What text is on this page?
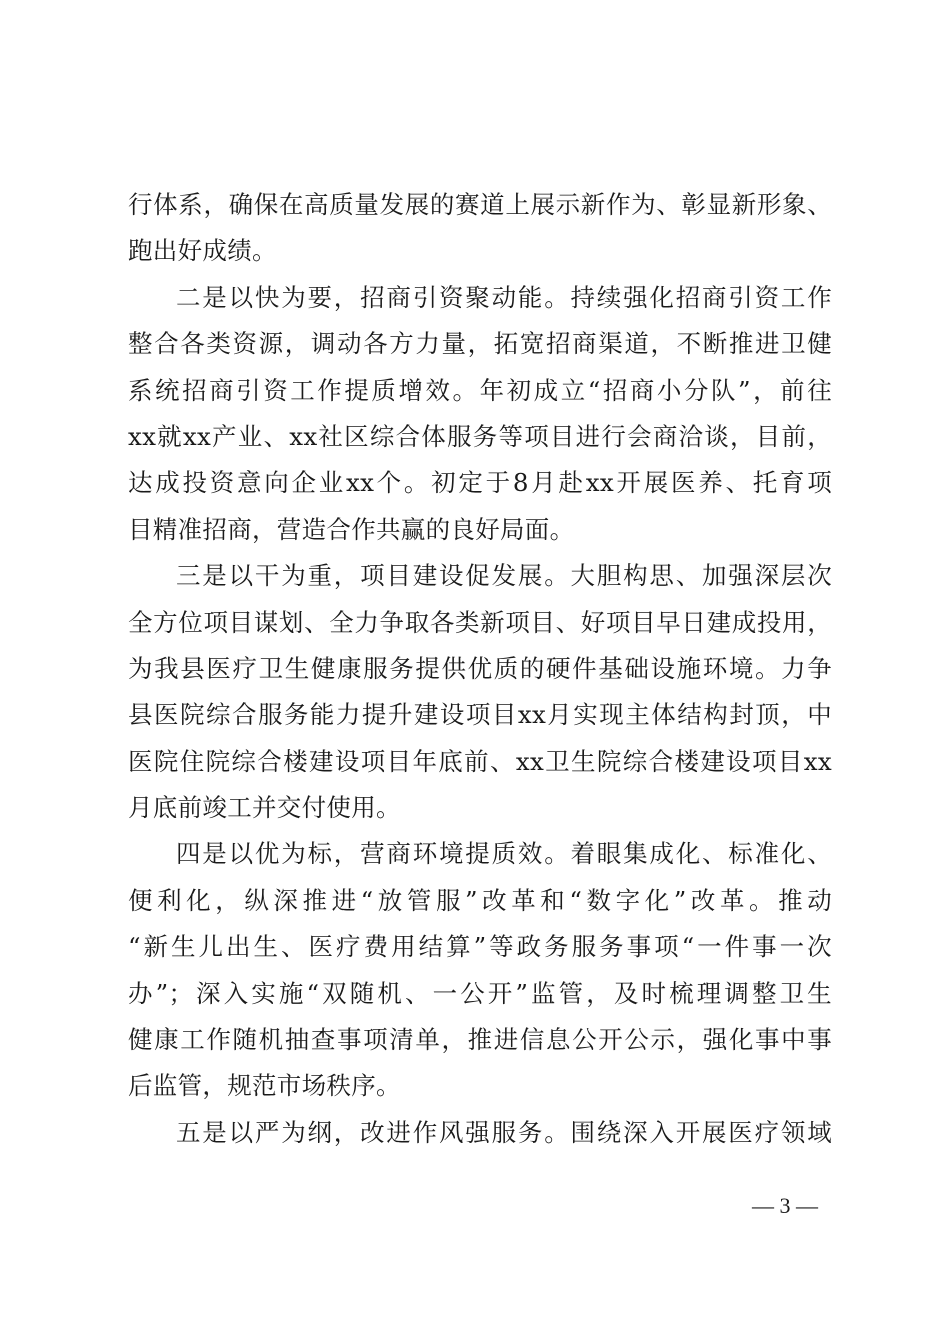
行体系，确保在高质量发展的赛道上展示新作为、彰显新形象、
跑出好成绩。
二是以快为要，招商引资聚动能。持续强化招商引资工作
整合各类资源，调动各方力量，拓宽招商渠道，不断推进卫健
系统招商引资工作提质增效。年初成立“招商小分队”，前往
xx就xx产业、xx社区综合体服务等项目进行会商洽谈，目前，
达成投资意向企业xx个。初定于8月赴xx开展医养、托育项
目精准招商，营造合作共赢的良好局面。
三是以干为重，项目建设促发展。大胆构思、加强深层次
全方位项目谋划、全力争取各类新项目、好项目早日建成投用，
为我县医疗卫生健康服务提供优质的硬件基础设施环境。力争
县医院综合服务能力提升建设项目xx月实现主体结构封顶，中
医院住院综合楼建设项目年底前、xx卫生院综合楼建设项目xx
月底前竣工并交付使用。
四是以优为标，营商环境提质效。着眼集成化、标准化、
便利化，纵深推进“放管服”改革和“数字化”改革。推动
“新生儿出生、医疗费用结算”等政务服务事项“一件事一次
办”；深入实施“双随机、一公开”监管，及时梳理调整卫生
健康工作随机抽查事项清单，推进信息公开公示，强化事中事
后监管，规范市场秩序。
五是以严为纲，改进作风强服务。围绕深入开展医疗领域
— 3 —
